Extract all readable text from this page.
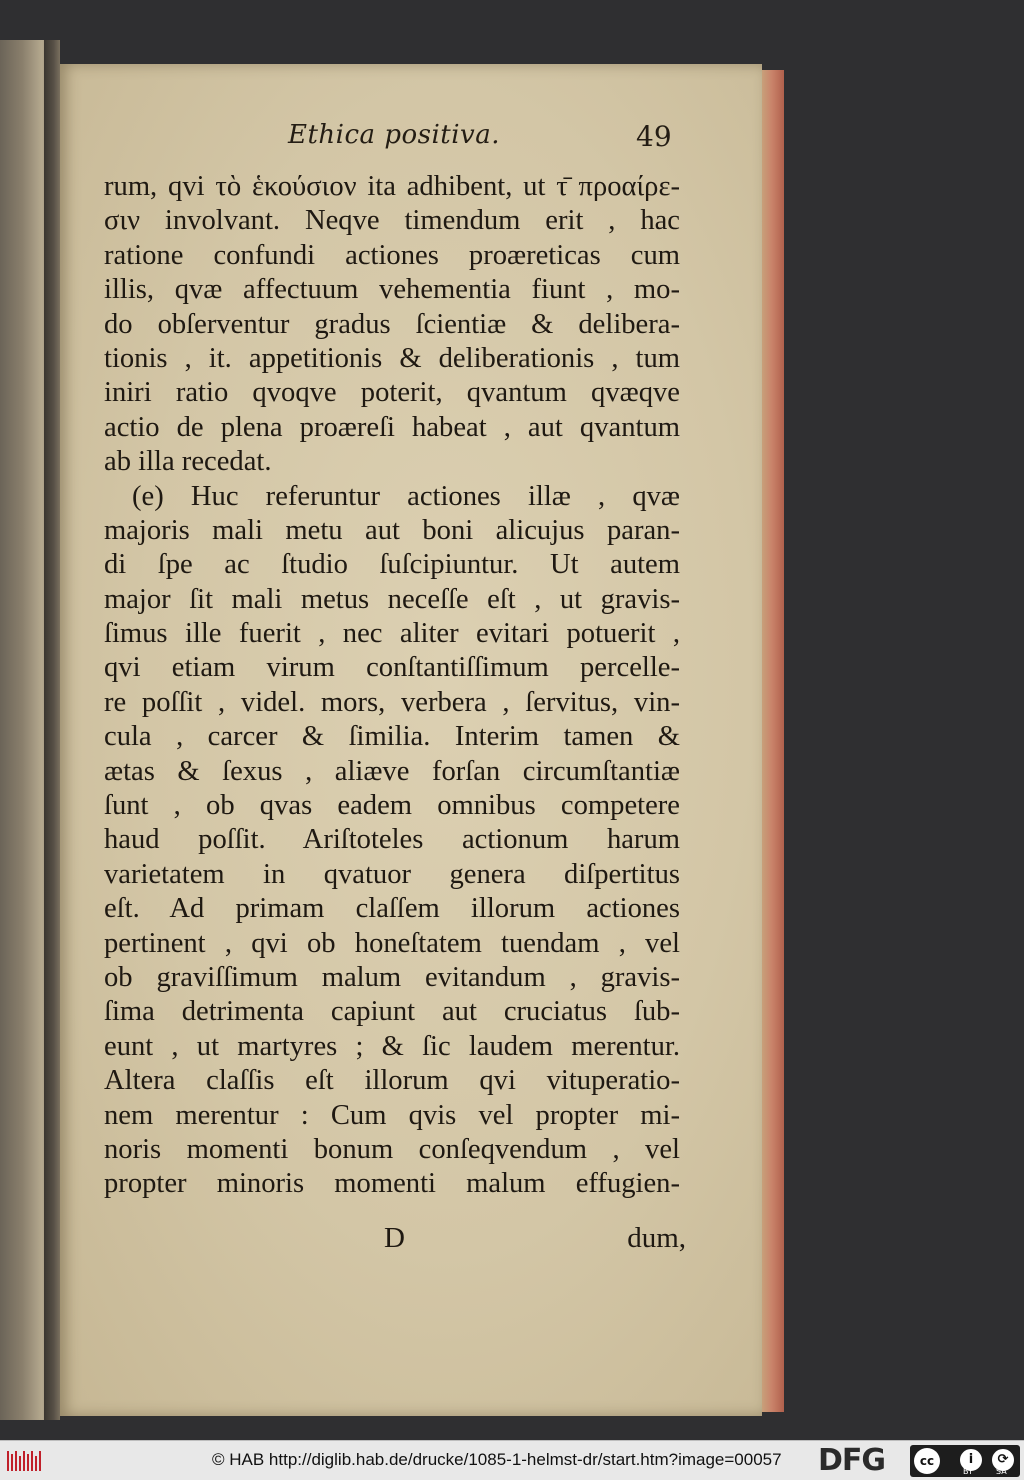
Ethica positiva.	49
rum, qvi τὸ ἑκούσιον ita adhibent, ut τ̄ προαίρε-
σιν involvant. Neqve timendum erit , hac
ratione confundi actiones proæreticas cum
illis, qvæ affectuum vehementia fiunt , mo-
do obſerventur gradus ſcientiæ & delibera-
tionis , it. appetitionis & deliberationis , tum
iniri ratio qvoqve poterit, qvantum qvæqve
actio de plena proæreſi habeat , aut qvantum
ab illa recedat.
(e) Huc referuntur actiones illæ , qvæ
majoris mali metu aut boni alicujus paran-
di ſpe ac ſtudio ſuſcipiuntur. Ut autem
major ſit mali metus neceſſe eſt , ut gravis-
ſimus ille fuerit , nec aliter evitari potuerit ,
qvi etiam virum conſtantiſſimum percelle-
re poſſit , videl. mors, verbera , ſervitus, vin-
cula , carcer & ſimilia. Interim tamen &
ætas & ſexus , aliæve forſan circumſtantiæ
ſunt , ob qvas eadem omnibus competere
haud poſſit. Ariſtoteles actionum harum
varietatem in qvatuor genera diſpertitus
eſt. Ad primam claſſem illorum actiones
pertinent , qvi ob honeſtatem tuendam , vel
ob graviſſimum malum evitandum , gravis-
ſima detrimenta capiunt aut cruciatus ſub-
eunt , ut martyres ; & ſic laudem merentur.
Altera claſſis eſt illorum qvi vituperatio-
nem merentur : Cum qvis vel propter mi-
noris momenti bonum conſeqvendum , vel
propter minoris momenti malum effugien-
D	dum,
© HAB http://diglib.hab.de/drucke/1085-1-helmst-dr/start.htm?image=00057 DFG	cc	i	⟳
BY	SA
